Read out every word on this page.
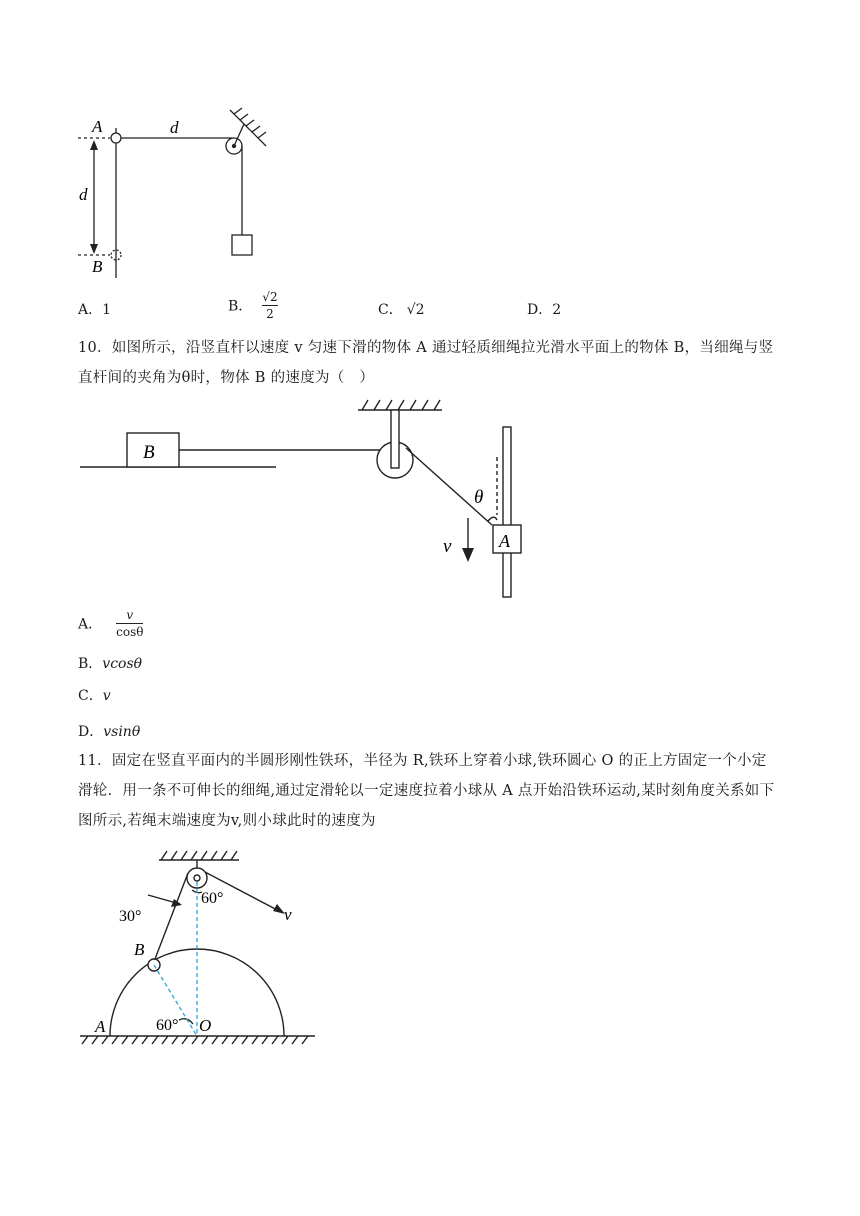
A	d
d
B
A．1	B． $\frac{√2}{2}$	C． √2	D．2
10．如图所示，沿竖直杆以速度 v 匀速下滑的物体 A 通过轻质细绳拉光滑水平面上的物体 B，当细绳与竖直杆间的夹角为θ时，物体 B 的速度为（　）
B
A
θ
v
A． $\frac{v}{\cos\theta}$
B．vcosθ
C．v
D．vsinθ
11．固定在竖直平面内的半圆形刚性铁环，半径为 R,铁环上穿着小球,铁环圆心 O 的正上方固定一个小定滑轮．用一条不可伸长的细绳,通过定滑轮以一定速度拉着小球从 A 点开始沿铁环运动,某时刻角度关系如下图所示,若绳末端速度为v,则小球此时的速度为
30°
60°
v
B
A	60° O
